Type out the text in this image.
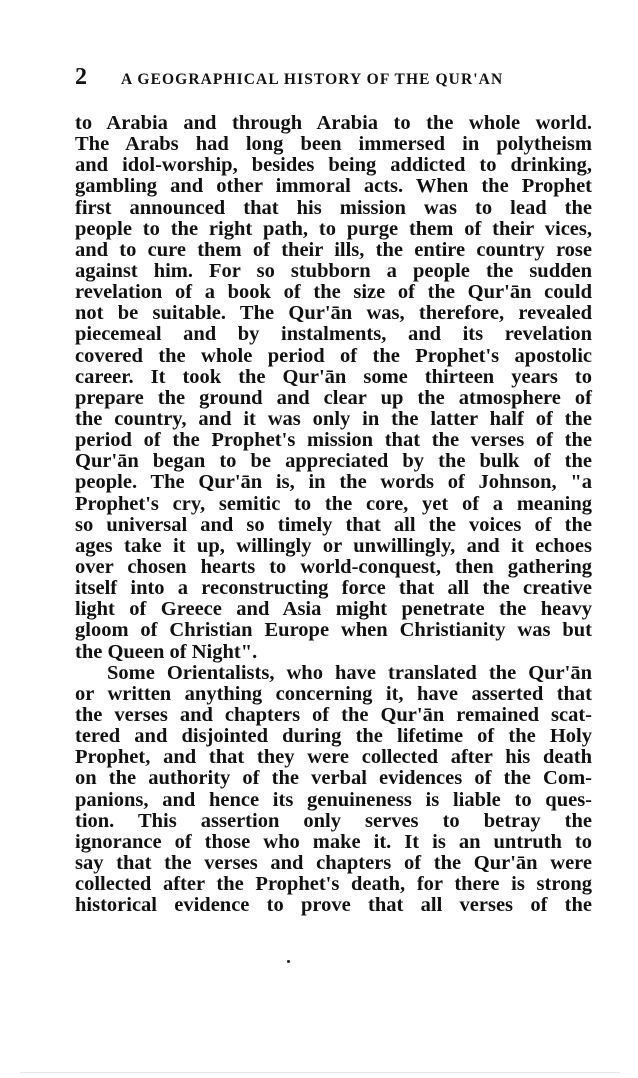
2	A GEOGRAPHICAL HISTORY OF THE QUR'AN
to Arabia and through Arabia to the whole world.
The Arabs had long been immersed in polytheism
and idol-worship, besides being addicted to drinking,
gambling and other immoral acts. When the Prophet
first announced that his mission was to lead the
people to the right path, to purge them of their vices,
and to cure them of their ills, the entire country rose
against him. For so stubborn a people the sudden
revelation of a book of the size of the Qur'ān could
not be suitable. The Qur'ān was, therefore, revealed
piecemeal and by instalments, and its revelation
covered the whole period of the Prophet's apostolic
career. It took the Qur'ān some thirteen years to
prepare the ground and clear up the atmosphere of
the country, and it was only in the latter half of the
period of the Prophet's mission that the verses of the
Qur'ān began to be appreciated by the bulk of the
people. The Qur'ān is, in the words of Johnson, "a
Prophet's cry, semitic to the core, yet of a meaning
so universal and so timely that all the voices of the
ages take it up, willingly or unwillingly, and it echoes
over chosen hearts to world-conquest, then gathering
itself into a reconstructing force that all the creative
light of Greece and Asia might penetrate the heavy
gloom of Christian Europe when Christianity was but
the Queen of Night".
Some Orientalists, who have translated the Qur'ān
or written anything concerning it, have asserted that
the verses and chapters of the Qur'ān remained scat-
tered and disjointed during the lifetime of the Holy
Prophet, and that they were collected after his death
on the authority of the verbal evidences of the Com-
panions, and hence its genuineness is liable to ques-
tion. This assertion only serves to betray the
ignorance of those who make it. It is an untruth to
say that the verses and chapters of the Qur'ān were
collected after the Prophet's death, for there is strong
historical evidence to prove that all verses of the
